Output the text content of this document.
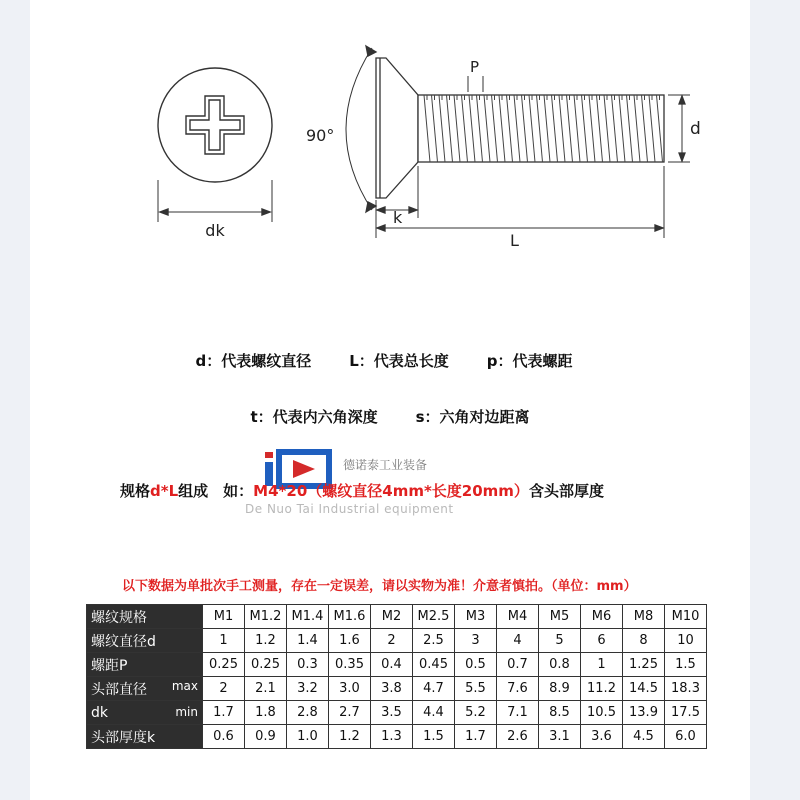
dk
90°
P
d
k
L

d：代表螺纹直径	L：代表总长度	p：代表螺距

t：代表内六角深度	s：六角对边距离

德诺泰工业装备
De Nuo Tai Industrial equipment
规格d*L组成　如：M4*20（螺纹直径4mm*长度20mm）含头部厚度
以下数据为单批次手工测量，存在一定误差，请以实物为准！介意者慎拍。（单位：mm）
螺纹规格	M1	M1.2	M1.4	M1.6	M2	M2.5	M3	M4	M5	M6	M8	M10
螺纹直径d	1	1.2	1.4	1.6	2	2.5	3	4	5	6	8	10
螺距P	0.25	0.25	0.3	0.35	0.4	0.45	0.5	0.7	0.8	1	1.25	1.5
头部直径 max	2	2.1	3.2	3.0	3.8	4.7	5.5	7.6	8.9	11.2	14.5	18.3
dk min	1.7	1.8	2.8	2.7	3.5	4.4	5.2	7.1	8.5	10.5	13.9	17.5
头部厚度k	0.6	0.9	1.0	1.2	1.3	1.5	1.7	2.6	3.1	3.6	4.5	6.0
